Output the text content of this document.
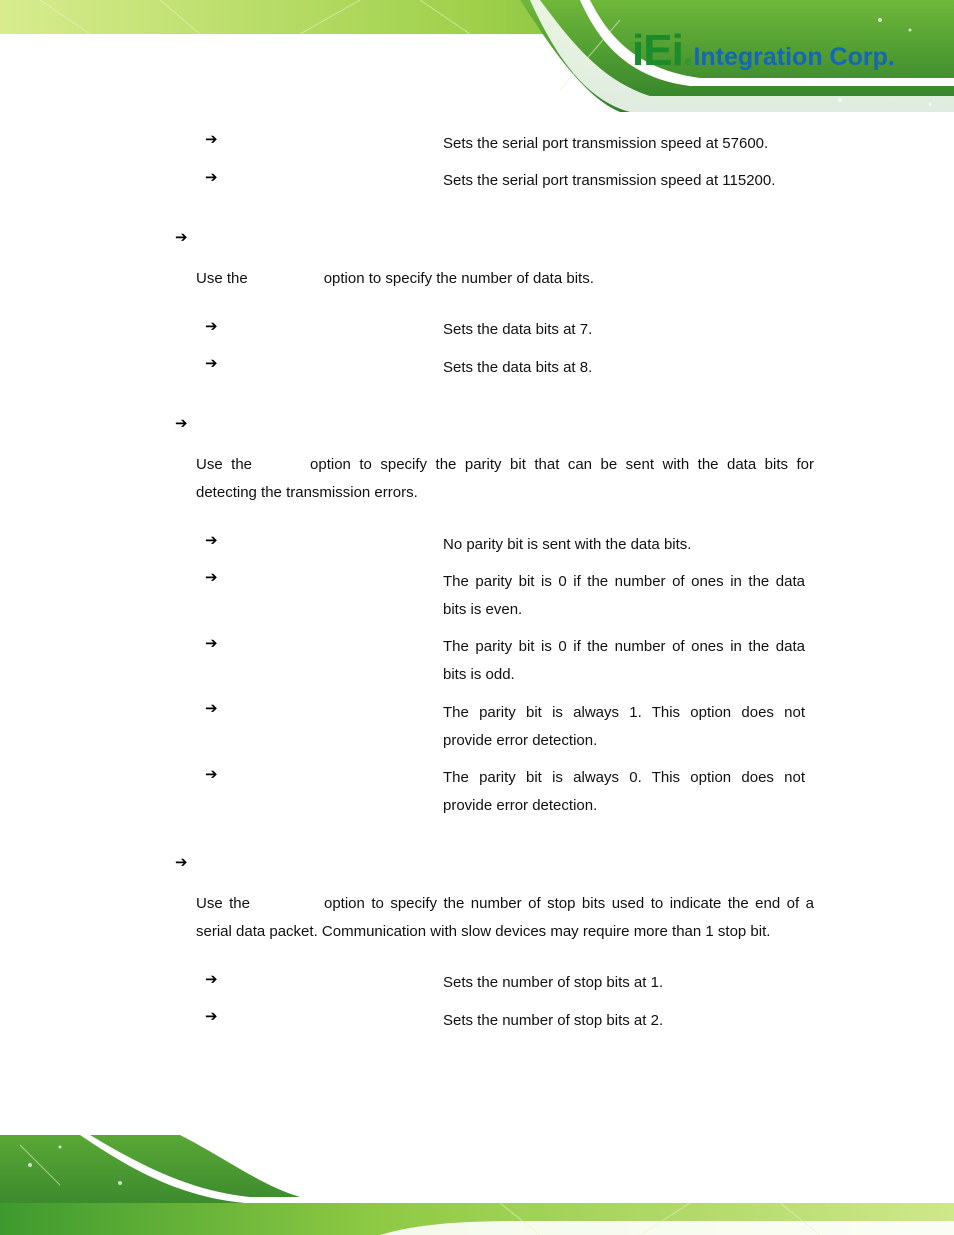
iEi ® Integration Corp.
➔	Sets the serial port transmission speed at 57600.
➔	Sets the serial port transmission speed at 115200.
➔
Use the	option to specify the number of data bits.
➔	Sets the data bits at 7.
➔	Sets the data bits at 8.
➔
Use the	option to specify the parity bit that can be sent with the data bits for
detecting the transmission errors.
➔	No parity bit is sent with the data bits.
➔	The parity bit is 0 if the number of ones in the data
bits is even.
➔	The parity bit is 0 if the number of ones in the data
bits is odd.
➔	The parity bit is always 1. This option does not
provide error detection.
➔	The parity bit is always 0. This option does not
provide error detection.
➔
Use the	option to specify the number of stop bits used to indicate the end of a
serial data packet. Communication with slow devices may require more than 1 stop bit.
➔	Sets the number of stop bits at 1.
➔	Sets the number of stop bits at 2.
